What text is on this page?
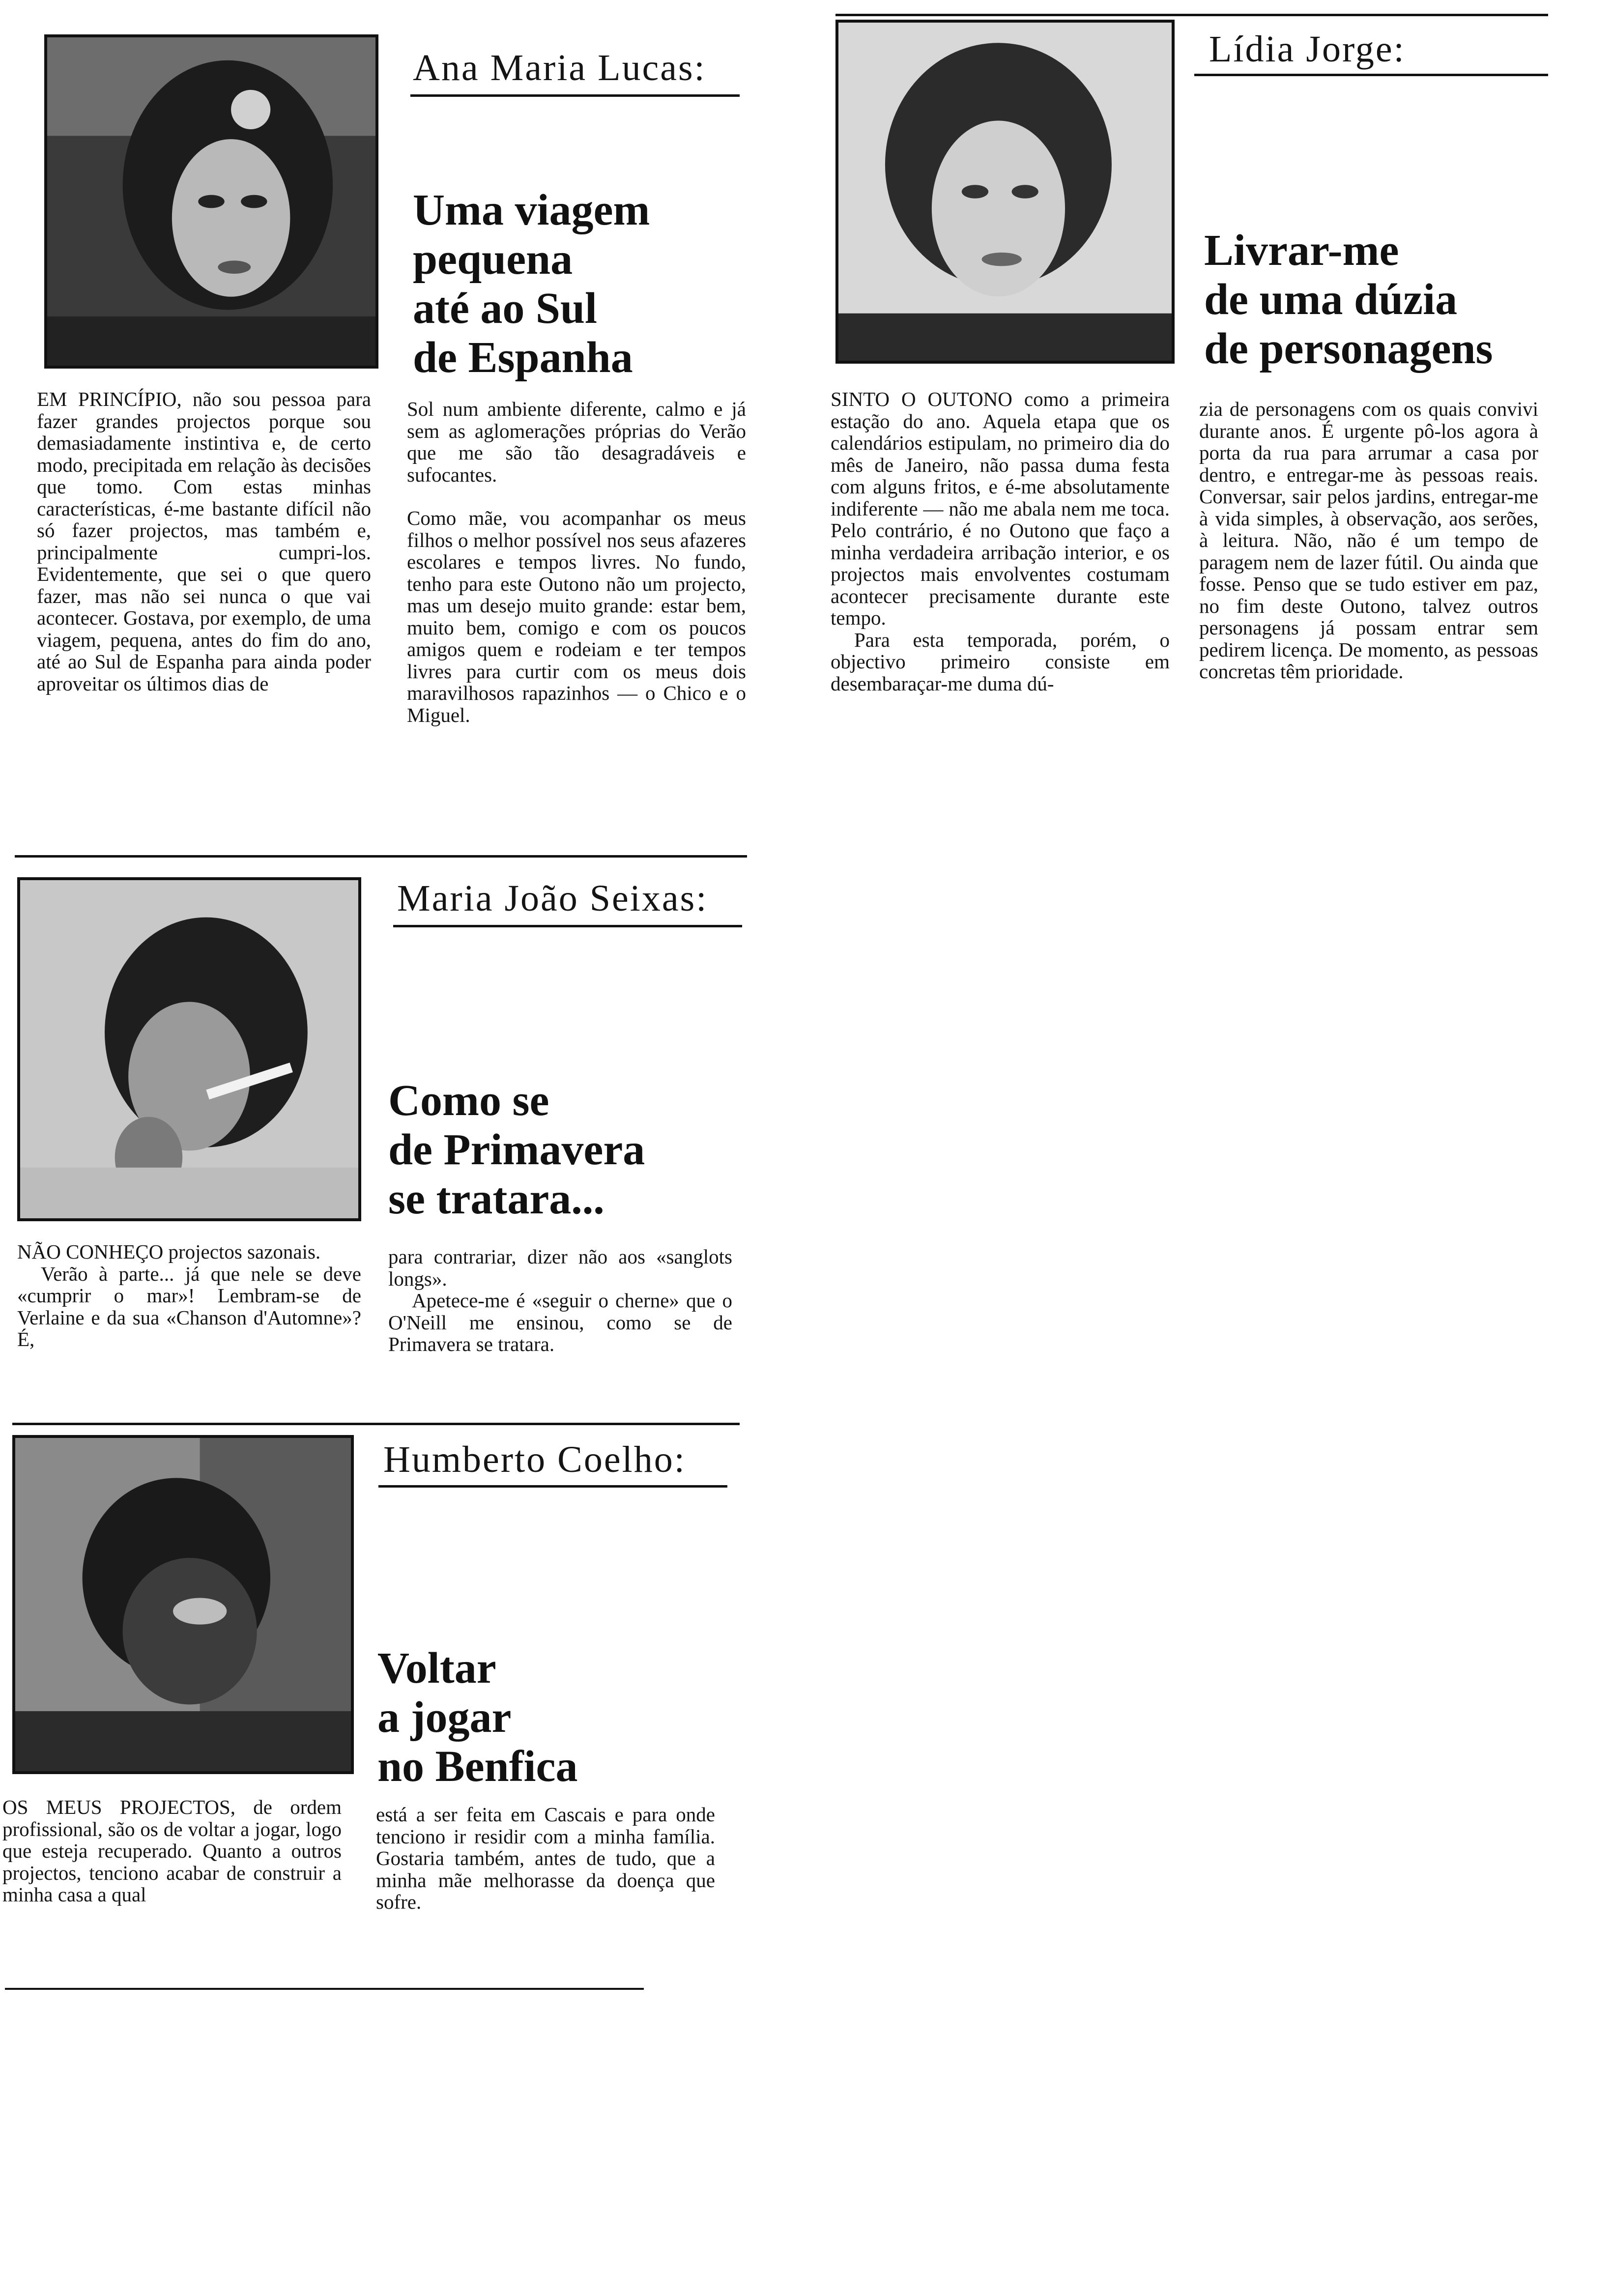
Ana Maria Lucas:
Uma viagem
pequena
até ao Sul
de Espanha

EM PRINCÍPIO, não sou pessoa para fazer grandes projectos porque sou demasiadamente instintiva e, de certo modo, precipitada em relação às decisões que tomo. Com estas minhas características, é-me bastante difícil não só fazer projectos, mas também e, principalmente cumpri-los. Evidentemente, que sei o que quero fazer, mas não sei nunca o que vai acontecer. Gostava, por exemplo, de uma viagem, pequena, antes do fim do ano, até ao Sul de Espanha para ainda poder aproveitar os últimos dias de

Sol num ambiente diferente, calmo e já sem as aglomerações próprias do Verão que me são tão desagradáveis e sufocantes.

Como mãe, vou acompanhar os meus filhos o melhor possível nos seus afazeres escolares e tempos livres. No fundo, tenho para este Outono não um projecto, mas um desejo muito grande: estar bem, muito bem, comigo e com os poucos amigos quem e rodeiam e ter tempos livres para curtir com os meus dois maravilhosos rapazinhos — o Chico e o Miguel.

Lídia Jorge:
Livrar-me
de uma dúzia
de personagens

SINTO O OUTONO como a primeira estação do ano. Aquela etapa que os calendários estipulam, no primeiro dia do mês de Janeiro, não passa duma festa com alguns fritos, e é-me absolutamente indiferente — não me abala nem me toca. Pelo contrário, é no Outono que faço a minha verdadeira arribação interior, e os projectos mais envolventes costumam acontecer precisamente durante este tempo.

Para esta temporada, porém, o objectivo primeiro consiste em desembaraçar-me duma dú-

zia de personagens com os quais convivi durante anos. É urgente pô-los agora à porta da rua para arrumar a casa por dentro, e entregar-me às pessoas reais. Conversar, sair pelos jardins, entregar-me à vida simples, à observação, aos serões, à leitura. Não, não é um tempo de paragem nem de lazer fútil. Ou ainda que fosse. Penso que se tudo estiver em paz, no fim deste Outono, talvez outros personagens já possam entrar sem pedirem licença. De momento, as pessoas concretas têm prioridade.

Maria João Seixas:
Como se
de Primavera
se tratara...

NÃO CONHEÇO projectos sazonais.

Verão à parte... já que nele se deve «cumprir o mar»! Lembram-se de Verlaine e da sua «Chanson d'Automne»? É,

para contrariar, dizer não aos «sanglots longs».

Apetece-me é «seguir o cherne» que o O'Neill me ensinou, como se de Primavera se tratara.

Humberto Coelho:
Voltar
a jogar
no Benfica

OS MEUS PROJECTOS, de ordem profissional, são os de voltar a jogar, logo que esteja recuperado. Quanto a outros projectos, tenciono acabar de construir a minha casa a qual

está a ser feita em Cascais e para onde tenciono ir residir com a minha família. Gostaria também, antes de tudo, que a minha mãe melhorasse da doença que sofre.
